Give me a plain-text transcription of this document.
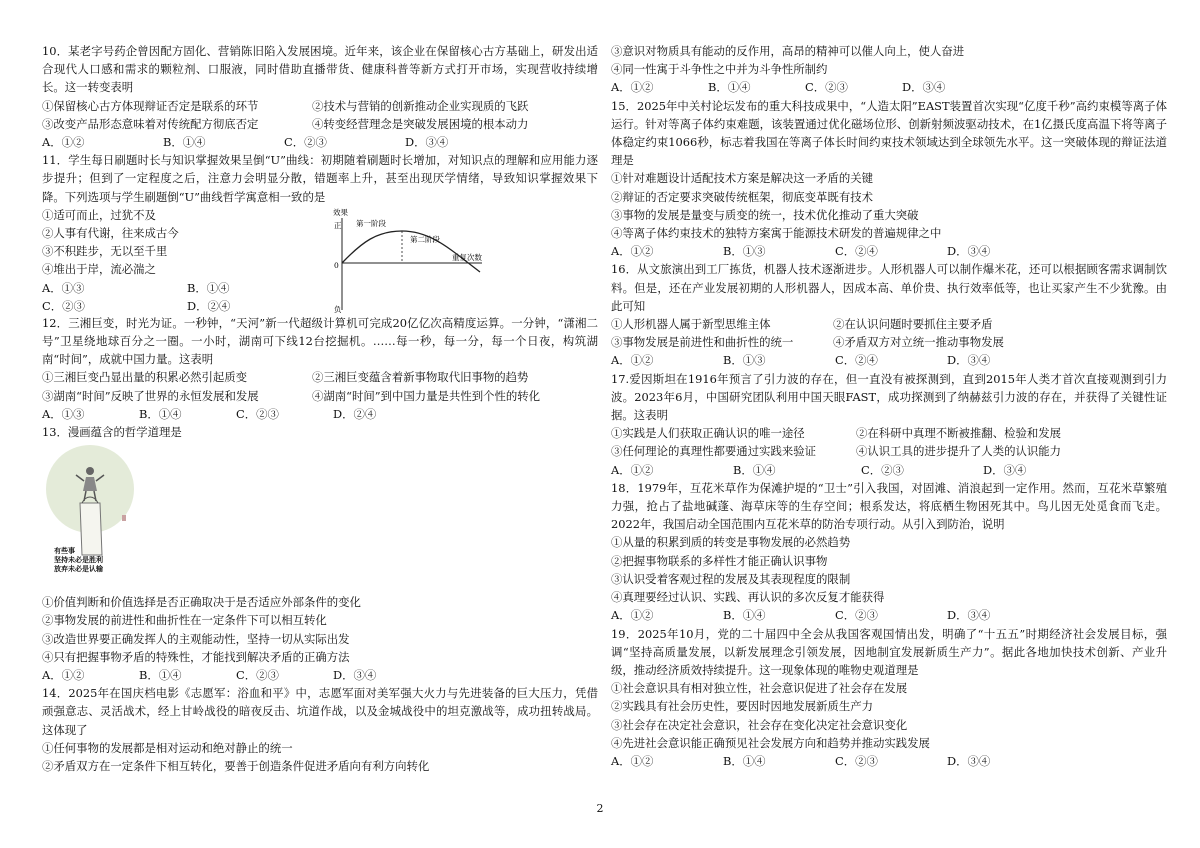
10．某老字号药企曾因配方固化、营销陈旧陷入发展困境。近年来，该企业在保留核心古方基础上，研发出适合现代人口感和需求的颗粒剂、口服液，同时借助直播带货、健康科普等新方式打开市场，实现营收持续增长。这一转变表明

①保留核心古方体现辩证否定是联系的环节	②技术与营销的创新推动企业实现质的飞跃
③改变产品形态意味着对传统配方彻底否定	④转变经营理念是突破发展困境的根本动力
A．①②	B．①④	C．②③	D．③④

11．学生每日刷题时长与知识掌握效果呈倒“U”曲线：初期随着刷题时长增加，对知识点的理解和应用能力逐步提升；但到了一定程度之后，注意力会明显分散，错题率上升，甚至出现厌学情绪，导致知识掌握效果下降。下列选项与学生刷题倒“U”曲线哲学寓意相一致的是

①适可而止，过犹不及
②人事有代谢，往来成古今
③不积跬步，无以至千里
④堆出于岸，流必湍之
A．①③	B．①④
C．②③	D．②④
效果
正
负
0
第一阶段
第二阶段
重复次数

12．三湘巨变，时光为证。一秒钟，“天河”新一代超级计算机可完成20亿亿次高精度运算。一分钟，“潇湘二号”卫星绕地球百分之一圈。一小时，湖南可下线12台挖掘机。……每一秒，每一分，每一个日夜，构筑湖南“时间”，成就中国力量。这表明

①三湘巨变凸显出量的积累必然引起质变	②三湘巨变蕴含着新事物取代旧事物的趋势
③湖南“时间”反映了世界的永恒发展和发展	④湖南“时间”到中国力量是共性到个性的转化
A．①③	B．①④	C．②③	D．②④

13．漫画蕴含的哲学道理是

有些事
坚持未必是胜利
放弃未必是认输
①价值判断和价值选择是否正确取决于是否适应外部条件的变化
②事物发展的前进性和曲折性在一定条件下可以相互转化
③改造世界要正确发挥人的主观能动性，坚持一切从实际出发
④只有把握事物矛盾的特殊性，才能找到解决矛盾的正确方法
A．①②	B．①④	C．②③	D．③④

14．2025年在国庆档电影《志愿军：浴血和平》中，志愿军面对美军强大火力与先进装备的巨大压力，凭借顽强意志、灵活战术，经上甘岭战役的暗夜反击、坑道作战，以及金城战役中的坦克激战等，成功扭转战局。这体现了

①任何事物的发展都是相对运动和绝对静止的统一
②矛盾双方在一定条件下相互转化，要善于创造条件促进矛盾向有利方向转化
③意识对物质具有能动的反作用，高昂的精神可以催人向上，使人奋进
④同一性寓于斗争性之中并为斗争性所制约
A．①②	B．①④	C．②③	D．③④

15．2025年中关村论坛发布的重大科技成果中，“人造太阳”EAST装置首次实现“亿度千秒”高约束模等离子体运行。针对等离子体约束难题，该装置通过优化磁场位形、创新射频波驱动技术，在1亿摄氏度高温下将等离子体稳定约束1066秒，标志着我国在等离子体长时间约束技术领域达到全球领先水平。这一突破体现的辩证法道理是

①针对难题设计适配技术方案是解决这一矛盾的关键
②辩证的否定要求突破传统框架，彻底变革既有技术
③事物的发展是量变与质变的统一，技术优化推动了重大突破
④等离子体约束技术的独特方案寓于能源技术研发的普遍规律之中
A．①②	B．①③	C．②④	D．③④

16．从文旅演出到工厂拣货，机器人技术逐渐进步。人形机器人可以制作爆米花，还可以根据顾客需求调制饮料。但是，还在产业发展初期的人形机器人，因成本高、单价贵、执行效率低等，也让买家产生不少犹豫。由此可知

①人形机器人属于新型思维主体	②在认识问题时要抓住主要矛盾
③事物发展是前进性和曲折性的统一	④矛盾双方对立统一推动事物发展
A．①②	B．①③	C．②④	D．③④

17.爱因斯坦在1916年预言了引力波的存在，但一直没有被探测到，直到2015年人类才首次直接观测到引力波。2023年6月，中国研究团队利用中国天眼FAST，成功探测到了纳赫兹引力波的存在，并获得了关键性证据。这表明

①实践是人们获取正确认识的唯一途径	②在科研中真理不断被推翻、检验和发展
③任何理论的真理性都要通过实践来验证	④认识工具的进步提升了人类的认识能力
A．①②	B．①④	C．②③	D．③④

18．1979年，互花米草作为保滩护堤的“卫士”引入我国，对固滩、消浪起到一定作用。然而，互花米草繁殖力强，抢占了盐地碱蓬、海草床等的生存空间；根系发达，将底栖生物困死其中。鸟儿因无处觅食而飞走。2022年，我国启动全国范围内互花米草的防治专项行动。从引入到防治，说明

①从量的积累到质的转变是事物发展的必然趋势
②把握事物联系的多样性才能正确认识事物
③认识受着客观过程的发展及其表现程度的限制
④真理要经过认识、实践、再认识的多次反复才能获得
A．①②	B．①④	C．②③	D．③④

19．2025年10月，党的二十届四中全会从我国客观国情出发，明确了“十五五”时期经济社会发展目标，强调“坚持高质量发展，以新发展理念引领发展，因地制宜发展新质生产力”。据此各地加快技术创新、产业升级，推动经济质效持续提升。这一现象体现的唯物史观道理是

①社会意识具有相对独立性，社会意识促进了社会存在发展
②实践具有社会历史性，要因时因地发展新质生产力
③社会存在决定社会意识，社会存在变化决定社会意识变化
④先进社会意识能正确预见社会发展方向和趋势并推动实践发展
A．①②	B．①④	C．②③	D．③④
2
